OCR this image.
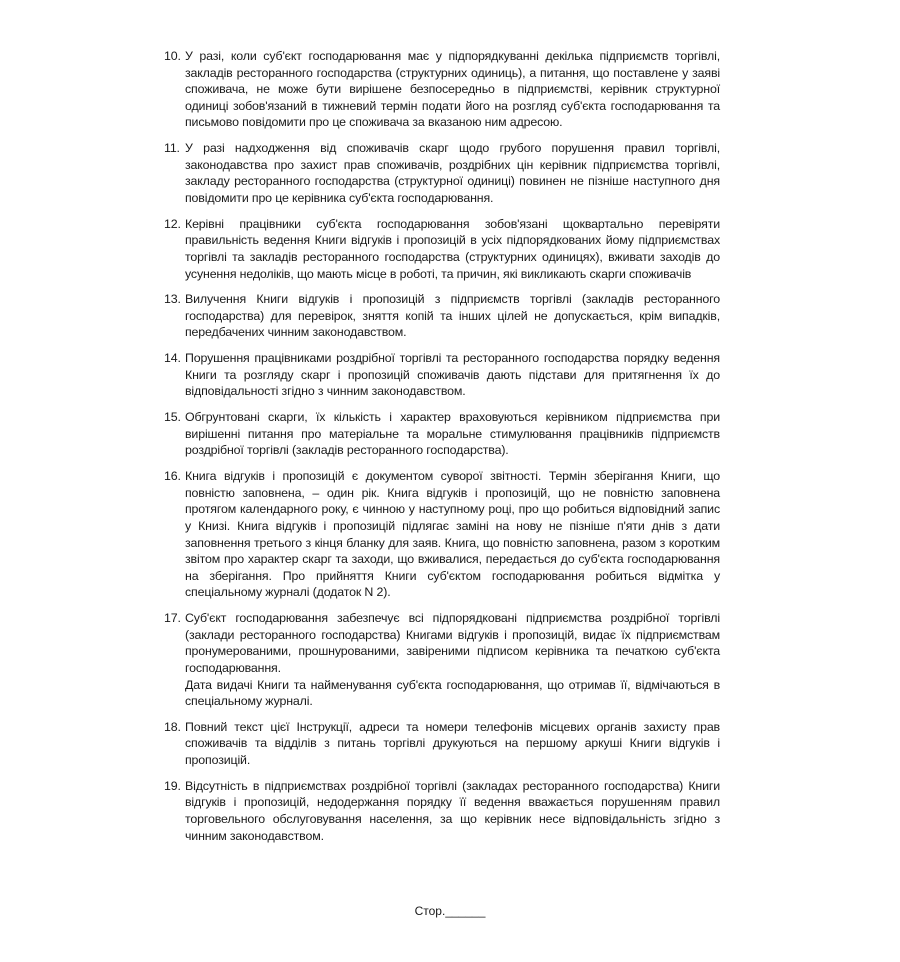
10. У разі, коли суб'єкт господарювання має у підпорядкуванні декілька підприємств торгівлі, закладів ресторанного господарства (структурних одиниць), а питання, що поставлене у заяві споживача, не може бути вирішене безпосередньо в підприємстві, керівник структурної одиниці зобов'язаний в тижневий термін подати його на розгляд суб'єкта господарювання та письмово повідомити про це споживача за вказаною ним адресою.
11. У разі надходження від споживачів скарг щодо грубого порушення правил торгівлі, законодавства про захист прав споживачів, роздрібних цін керівник підприємства торгівлі, закладу ресторанного господарства (структурної одиниці) повинен не пізніше наступного дня повідомити про це керівника суб'єкта господарювання.
12. Керівні працівники суб'єкта господарювання зобов'язані щоквартально перевіряти правильність ведення Книги відгуків і пропозицій в усіх підпорядкованих йому підприємствах торгівлі та закладів ресторанного господарства (структурних одиницях), вживати заходів до усунення недоліків, що мають місце в роботі, та причин, які викликають скарги споживачів
13. Вилучення Книги відгуків і пропозицій з підприємств торгівлі (закладів ресторанного господарства) для перевірок, зняття копій та інших цілей не допускається, крім випадків, передбачених чинним законодавством.
14. Порушення працівниками роздрібної торгівлі та ресторанного господарства порядку ведення Книги та розгляду скарг і пропозицій споживачів дають підстави для притягнення їх до відповідальності згідно з чинним законодавством.
15. Обгрунтовані скарги, їх кількість і характер враховуються керівником підприємства при вирішенні питання про матеріальне та моральне стимулювання працівників підприємств роздрібної торгівлі (закладів ресторанного господарства).
16. Книга відгуків і пропозицій є документом суворої звітності. Термін зберігання Книги, що повністю заповнена, – один рік. Книга відгуків і пропозицій, що не повністю заповнена протягом календарного року, є чинною у наступному році, про що робиться відповідний запис у Книзі. Книга відгуків і пропозицій підлягає заміні на нову не пізніше п'яти днів з дати заповнення третього з кінця бланку для заяв. Книга, що повністю заповнена, разом з коротким звітом про характер скарг та заходи, що вживалися, передається до суб'єкта господарювання на зберігання. Про прийняття Книги суб'єктом господарювання робиться відмітка у спеціальному журналі (додаток N 2).
17. Суб'єкт господарювання забезпечує всі підпорядковані підприємства роздрібної торгівлі (заклади ресторанного господарства) Книгами відгуків і пропозицій, видає їх підприємствам пронумерованими, прошнурованими, завіреними підписом керівника та печаткою суб'єкта господарювання.
Дата видачі Книги та найменування суб'єкта господарювання, що отримав її, відмічаються в спеціальному журналі.
18. Повний текст цієї Інструкції, адреси та номери телефонів місцевих органів захисту прав споживачів та відділів з питань торгівлі друкуються на першому аркуші Книги відгуків і пропозицій.
19. Відсутність в підприємствах роздрібної торгівлі (закладах ресторанного господарства) Книги відгуків і пропозицій, недодержання порядку її ведення вважається порушенням правил торговельного обслуговування населення, за що керівник несе відповідальність згідно з чинним законодавством.
Стор.______
